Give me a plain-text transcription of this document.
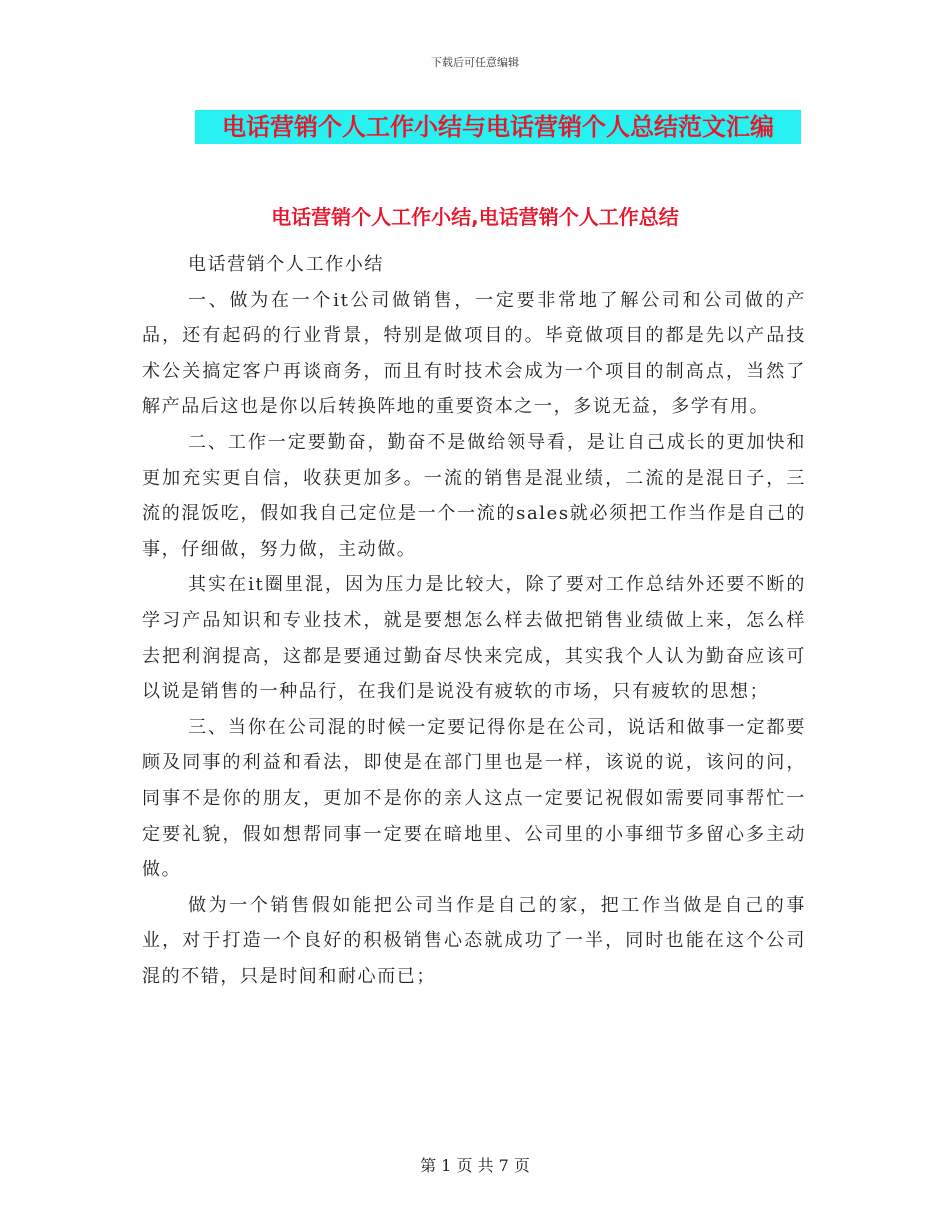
下载后可任意编辑
电话营销个人工作小结与电话营销个人总结范文汇编
电话营销个人工作小结,电话营销个人工作总结

电话营销个人工作小结

一、做为在一个it公司做销售，一定要非常地了解公司和公司做的产品，还有起码的行业背景，特别是做项目的。毕竟做项目的都是先以产品技术公关搞定客户再谈商务，而且有时技术会成为一个项目的制高点，当然了解产品后这也是你以后转换阵地的重要资本之一，多说无益，多学有用。

二、工作一定要勤奋，勤奋不是做给领导看，是让自己成长的更加快和更加充实更自信，收获更加多。一流的销售是混业绩，二流的是混日子，三流的混饭吃，假如我自己定位是一个一流的sales就必须把工作当作是自己的事，仔细做，努力做，主动做。

其实在it圈里混，因为压力是比较大，除了要对工作总结外还要不断的学习产品知识和专业技术，就是要想怎么样去做把销售业绩做上来，怎么样去把利润提高，这都是要通过勤奋尽快来完成，其实我个人认为勤奋应该可以说是销售的一种品行，在我们是说没有疲软的市场，只有疲软的思想；

三、当你在公司混的时候一定要记得你是在公司，说话和做事一定都要顾及同事的利益和看法，即使是在部门里也是一样，该说的说，该问的问，同事不是你的朋友，更加不是你的亲人这点一定要记祝假如需要同事帮忙一定要礼貌，假如想帮同事一定要在暗地里、公司里的小事细节多留心多主动做。

做为一个销售假如能把公司当作是自己的家，把工作当做是自己的事业，对于打造一个良好的积极销售心态就成功了一半，同时也能在这个公司混的不错，只是时间和耐心而已；

第 1 页 共 7 页
